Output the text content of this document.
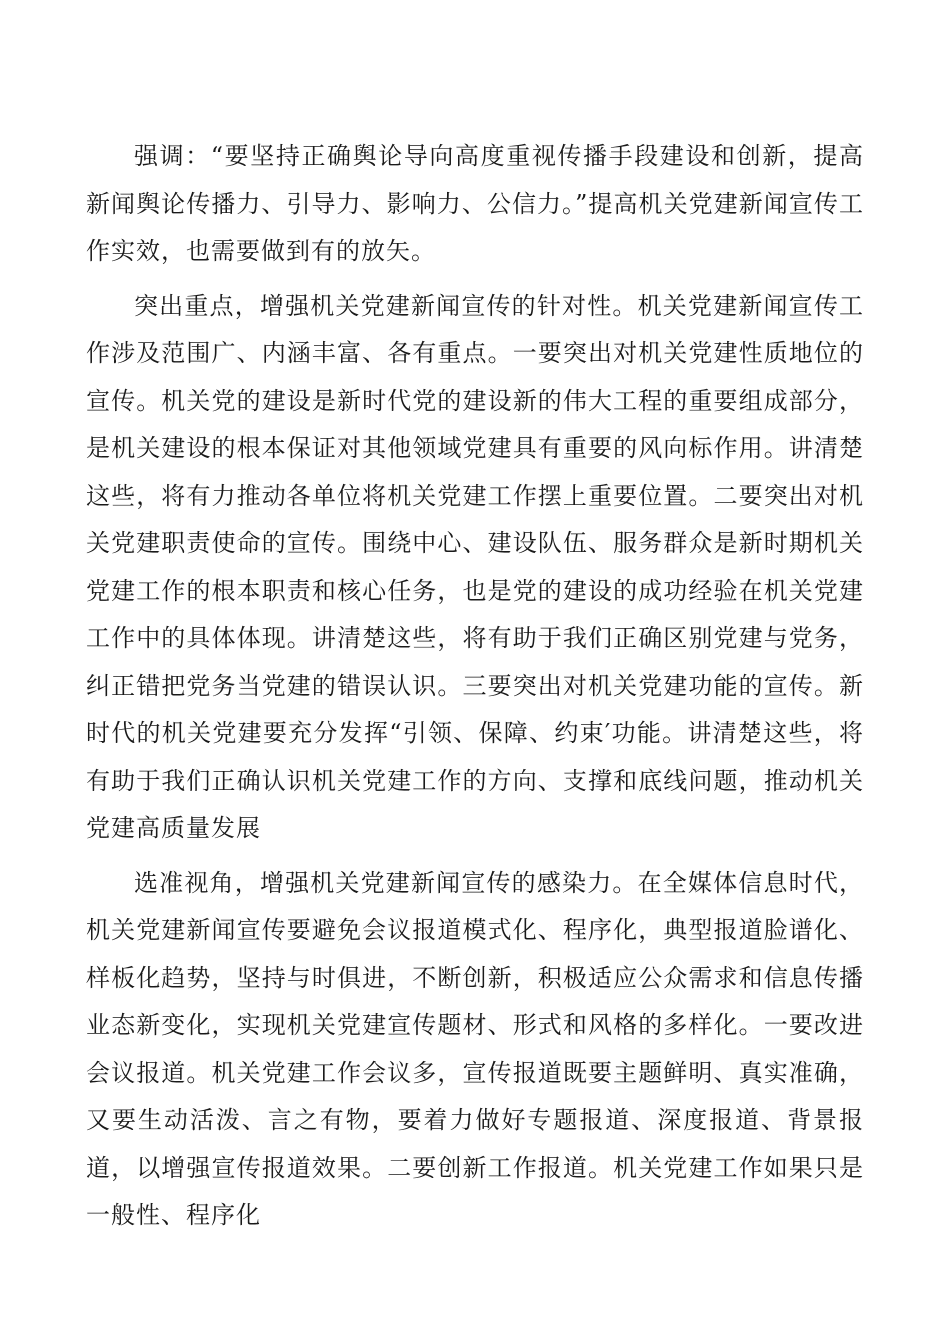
强调：“要坚持正确舆论导向高度重视传播手段建设和创新，提高新闻舆论传播力、引导力、影响力、公信力。”提高机关党建新闻宣传工作实效，也需要做到有的放矢。

突出重点，增强机关党建新闻宣传的针对性。机关党建新闻宣传工作涉及范围广、内涵丰富、各有重点。一要突出对机关党建性质地位的宣传。机关党的建设是新时代党的建设新的伟大工程的重要组成部分，是机关建设的根本保证对其他领域党建具有重要的风向标作用。讲清楚这些，将有力推动各单位将机关党建工作摆上重要位置。二要突出对机关党建职责使命的宣传。围绕中心、建设队伍、服务群众是新时期机关党建工作的根本职责和核心任务，也是党的建设的成功经验在机关党建工作中的具体体现。讲清楚这些，将有助于我们正确区别党建与党务，纠正错把党务当党建的错误认识。三要突出对机关党建功能的宣传。新时代的机关党建要充分发挥“引领、保障、约束′功能。讲清楚这些，将有助于我们正确认识机关党建工作的方向、支撑和底线问题，推动机关党建高质量发展

选准视角，增强机关党建新闻宣传的感染力。在全媒体信息时代，机关党建新闻宣传要避免会议报道模式化、程序化，典型报道脸谱化、样板化趋势，坚持与时俱进，不断创新，积极适应公众需求和信息传播业态新变化，实现机关党建宣传题材、形式和风格的多样化。一要改进会议报道。机关党建工作会议多，宣传报道既要主题鲜明、真实准确，又要生动活泼、言之有物，要着力做好专题报道、深度报道、背景报道，以增强宣传报道效果。二要创新工作报道。机关党建工作如果只是一般性、程序化
